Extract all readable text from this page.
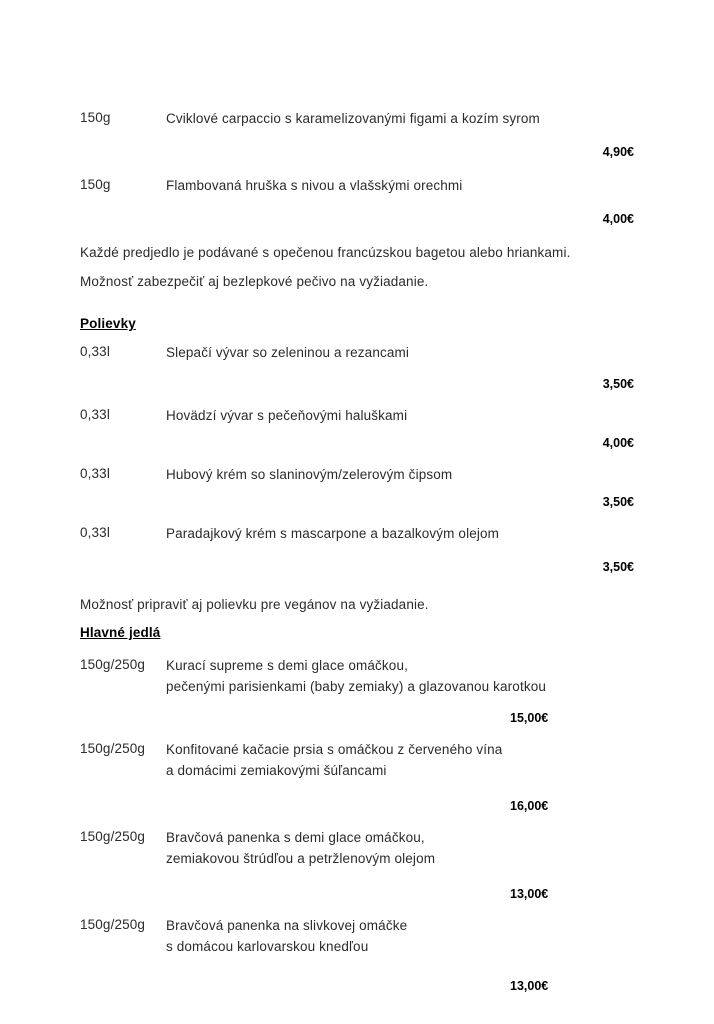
150g	Cviklové carpaccio s karamelizovanými figami a kozím syrom
4,90€
150g	Flambovaná hruška s nivou a vlašskými orechmi
4,00€
Každé predjedlo je podávané s opečenou francúzskou bagetou alebo hriankami.
Možnosť zabezpečiť aj bezlepkové pečivo na vyžiadanie.
Polievky
0,33l	Slepačí vývar so zeleninou a rezancami
3,50€
0,33l	Hovädzí vývar s pečeňovými haluškami
4,00€
0,33l	Hubový krém so slaninovým/zelerovým čipsom
3,50€
0,33l	Paradajkový krém s mascarpone a bazalkovým olejom
3,50€
Možnosť pripraviť aj polievku pre vegánov na vyžiadanie.
Hlavné jedlá
150g/250g	Kurací supreme s demi glace omáčkou,
pečenými parisienkami (baby zemiaky) a glazovanou karotkou
15,00€
150g/250g	Konfitované kačacie prsia s omáčkou z červeného vína
a domácimi zemiakovými šúľancami
16,00€
150g/250g	Bravčová panenka s demi glace omáčkou,
zemiakovou štrúdľou a petržlenovým olejom
13,00€
150g/250g	Bravčová panenka na slivkovej omáčke
s domácou karlovarskou knedľou
13,00€
